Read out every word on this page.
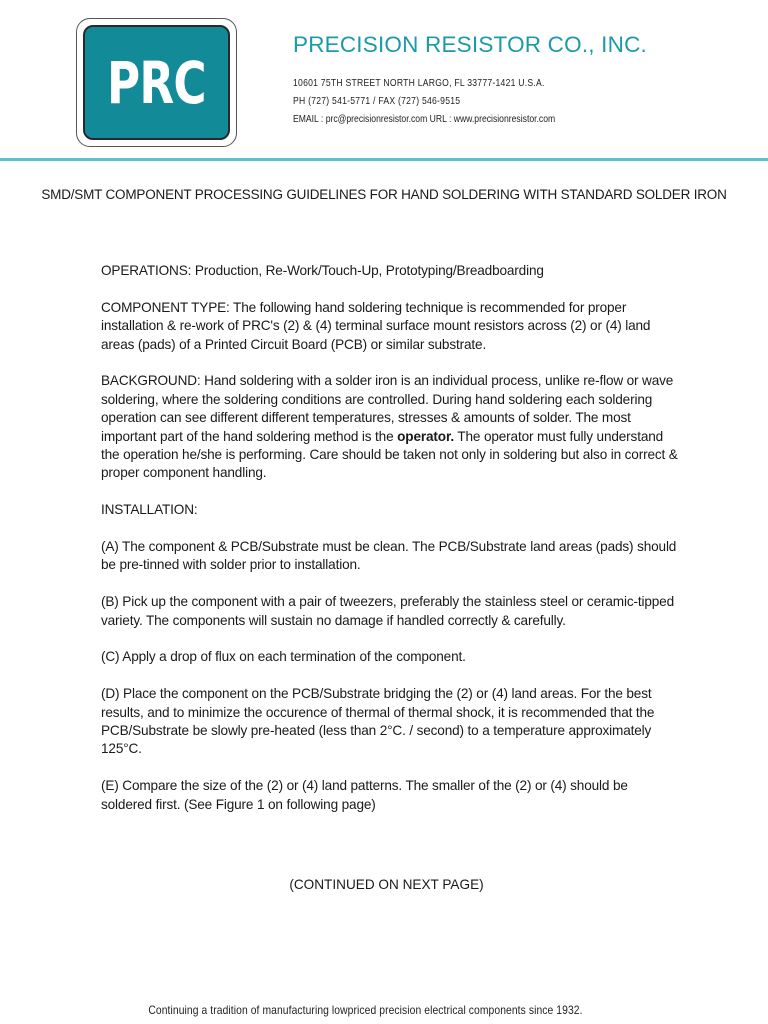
PRC
PRECISION RESISTOR CO., INC.
10601 75TH STREET NORTH LARGO, FL 33777-1421 U.S.A.
PH (727) 541-5771 / FAX (727) 546-9515
EMAIL : prc@precisionresistor.com URL : www.precisionresistor.com
SMD/SMT COMPONENT PROCESSING GUIDELINES FOR HAND SOLDERING WITH STANDARD SOLDER IRON

OPERATIONS: Production, Re-Work/Touch-Up, Prototyping/Breadboarding

COMPONENT TYPE: The following hand soldering technique is recommended for proper installation & re-work of PRC's (2) & (4) terminal surface mount resistors across (2) or (4) land areas (pads) of a Printed Circuit Board (PCB) or similar substrate.

BACKGROUND: Hand soldering with a solder iron is an individual process, unlike re-flow or wave soldering, where the soldering conditions are controlled. During hand soldering each soldering operation can see different different temperatures, stresses & amounts of solder. The most important part of the hand soldering method is the operator. The operator must fully understand the operation he/she is performing. Care should be taken not only in soldering but also in correct & proper component handling.

INSTALLATION:

(A) The component & PCB/Substrate must be clean. The PCB/Substrate land areas (pads) should be pre-tinned with solder prior to installation.

(B) Pick up the component with a pair of tweezers, preferably the stainless steel or ceramic-tipped variety. The components will sustain no damage if handled correctly & carefully.

(C) Apply a drop of flux on each termination of the component.

(D) Place the component on the PCB/Substrate bridging the (2) or (4) land areas. For the best results, and to minimize the occurence of thermal of thermal shock, it is recommended that the PCB/Substrate be slowly pre-heated (less than 2°C. / second) to a temperature approximately 125°C.

(E) Compare the size of the (2) or (4) land patterns. The smaller of the (2) or (4) should be soldered first. (See Figure 1 on following page)

(CONTINUED ON NEXT PAGE)
Continuing a tradition of manufacturing lowpriced precision electrical components since 1932.
